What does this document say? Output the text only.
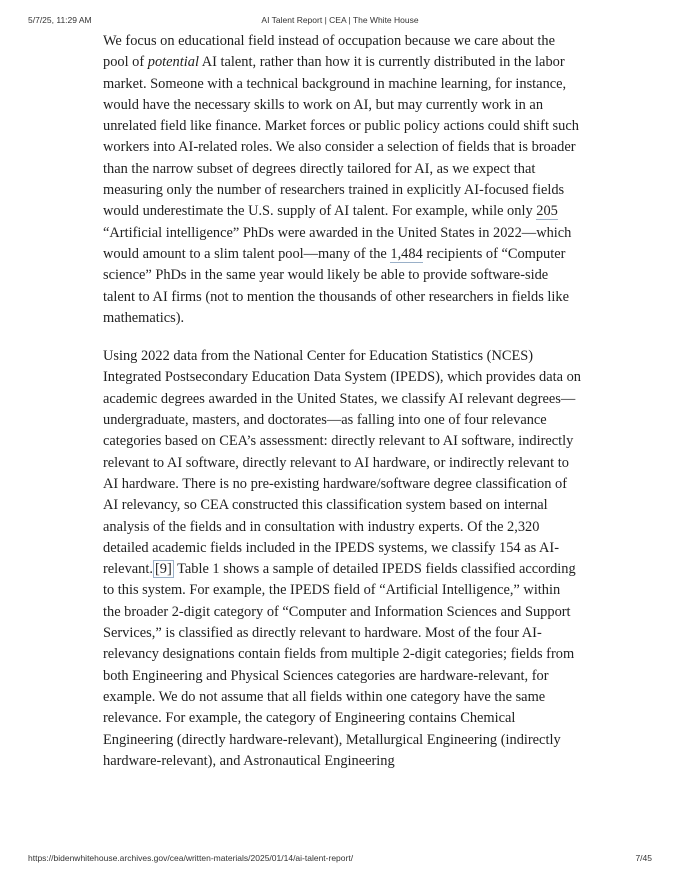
5/7/25, 11:29 AM	AI Talent Report | CEA | The White House

We focus on educational field instead of occupation because we care about the pool of potential AI talent, rather than how it is currently distributed in the labor market. Someone with a technical background in machine learning, for instance, would have the necessary skills to work on AI, but may currently work in an unrelated field like finance. Market forces or public policy actions could shift such workers into AI-related roles. We also consider a selection of fields that is broader than the narrow subset of degrees directly tailored for AI, as we expect that measuring only the number of researchers trained in explicitly AI-focused fields would underestimate the U.S. supply of AI talent. For example, while only 205 “Artificial intelligence” PhDs were awarded in the United States in 2022—which would amount to a slim talent pool—many of the 1,484 recipients of “Computer science” PhDs in the same year would likely be able to provide software-side talent to AI firms (not to mention the thousands of other researchers in fields like mathematics).

Using 2022 data from the National Center for Education Statistics (NCES) Integrated Postsecondary Education Data System (IPEDS), which provides data on academic degrees awarded in the United States, we classify AI relevant degrees—undergraduate, masters, and doctorates—as falling into one of four relevance categories based on CEA’s assessment: directly relevant to AI software, indirectly relevant to AI software, directly relevant to AI hardware, or indirectly relevant to AI hardware. There is no pre-existing hardware/software degree classification of AI relevancy, so CEA constructed this classification system based on internal analysis of the fields and in consultation with industry experts. Of the 2,320 detailed academic fields included in the IPEDS systems, we classify 154 as AI-relevant. [9] Table 1 shows a sample of detailed IPEDS fields classified according to this system. For example, the IPEDS field of “Artificial Intelligence,” within the broader 2-digit category of “Computer and Information Sciences and Support Services,” is classified as directly relevant to hardware. Most of the four AI-relevancy designations contain fields from multiple 2-digit categories; fields from both Engineering and Physical Sciences categories are hardware-relevant, for example. We do not assume that all fields within one category have the same relevance. For example, the category of Engineering contains Chemical Engineering (directly hardware-relevant), Metallurgical Engineering (indirectly hardware-relevant), and Astronautical Engineering

https://bidenwhitehouse.archives.gov/cea/written-materials/2025/01/14/ai-talent-report/	7/45
